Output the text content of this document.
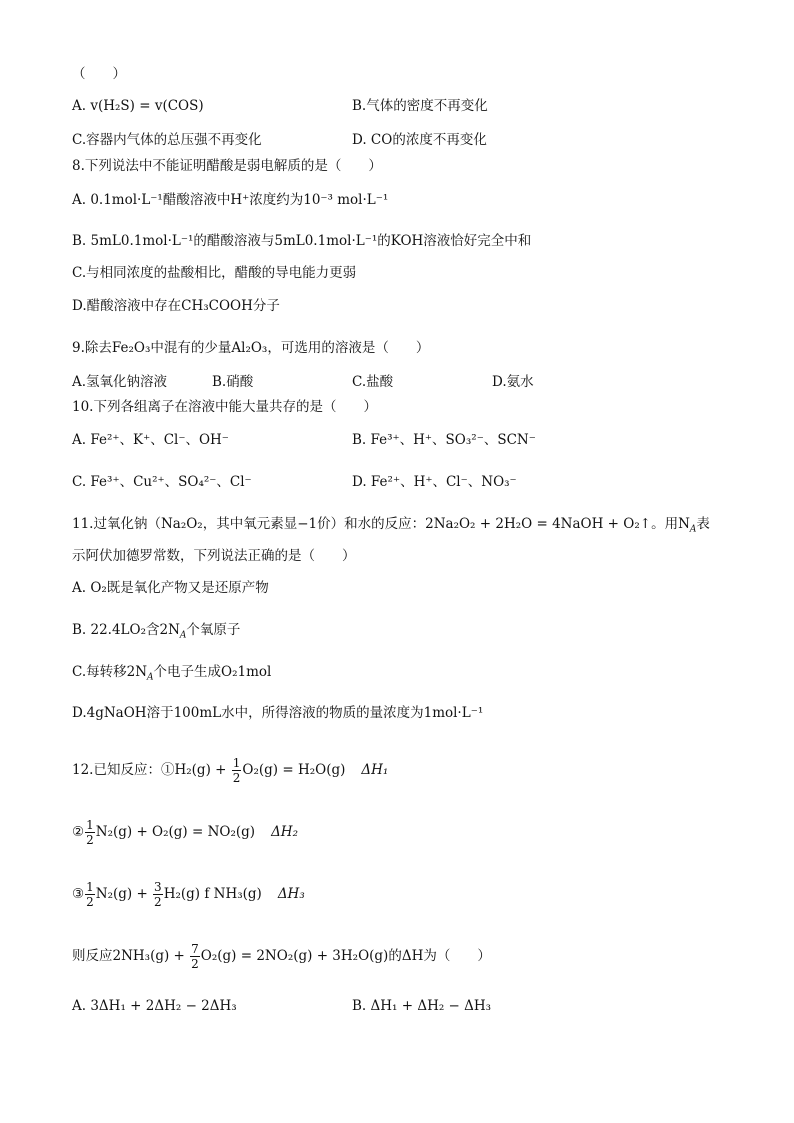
（　　）
A. v(H₂S) = v(COS)	B.气体的密度不再变化
C.容器内气体的总压强不再变化	D. CO的浓度不再变化
8.下列说法中不能证明醋酸是弱电解质的是（　　）
A. 0.1mol·L⁻¹醋酸溶液中H⁺浓度约为10⁻³ mol·L⁻¹
B. 5mL0.1mol·L⁻¹的醋酸溶液与5mL0.1mol·L⁻¹的KOH溶液恰好完全中和
C.与相同浓度的盐酸相比，醋酸的导电能力更弱
D.醋酸溶液中存在CH₃COOH分子
9.除去Fe₂O₃中混有的少量Al₂O₃，可选用的溶液是（　　）
A.氢氧化钠溶液	B.硝酸	C.盐酸	D.氨水
10.下列各组离子在溶液中能大量共存的是（　　）
A. Fe²⁺、K⁺、Cl⁻、OH⁻	B. Fe³⁺、H⁺、SO₃²⁻、SCN⁻
C. Fe³⁺、Cu²⁺、SO₄²⁻、Cl⁻	D. Fe²⁺、H⁺、Cl⁻、NO₃⁻
11.过氧化钠（Na₂O₂，其中氧元素显−1价）和水的反应：2Na₂O₂ + 2H₂O = 4NaOH + O₂↑。用$N_A$表
示阿伏加德罗常数，下列说法正确的是（　　）
A. O₂既是氧化产物又是还原产物
B. 22.4LO₂含$2N_A$个氧原子
C.每转移$2N_A$个电子生成O₂1mol
D.4gNaOH溶于100mL水中，所得溶液的物质的量浓度为1mol·L⁻¹
12.已知反应：①H₂(g) + $\frac{1}{2} O_2(g) = H_2O(g)$ ΔH₁
② $\frac{1}{2} N_2(g) + O_2(g) = NO_2(g)$ ΔH₂
③ $\frac{1}{2} N_2(g) + \frac{3}{2} H_2(g)$ f NH₃(g) ΔH₃
则反应$2NH_3(g) + \frac{7}{2} O_2(g) = 2NO_2(g) + 3H_2O(g)$的ΔH为（　　）
A. 3ΔH₁ + 2ΔH₂ − 2ΔH₃	B. ΔH₁ + ΔH₂ − ΔH₃
